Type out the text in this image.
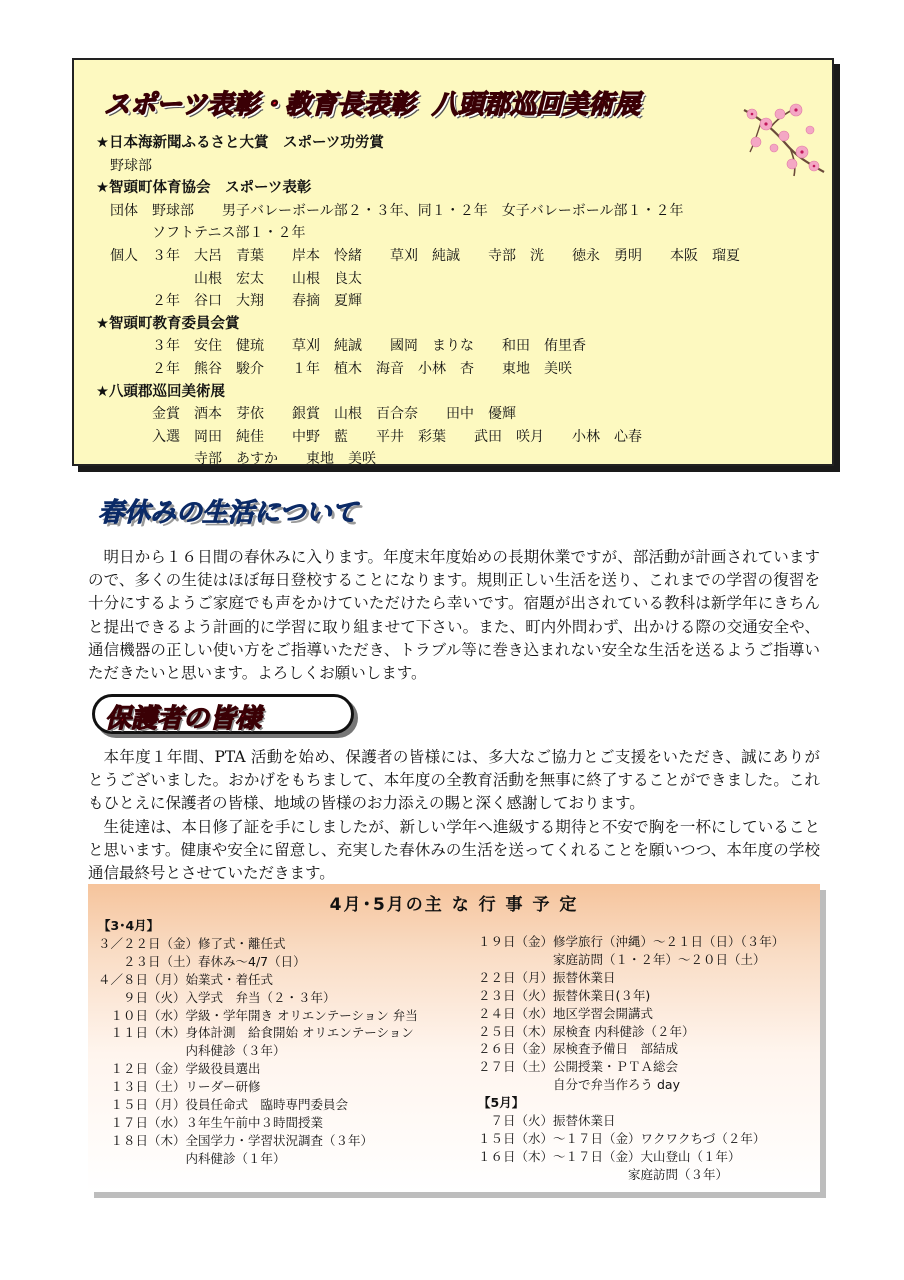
スポーツ表彰・教育長表彰 八頭郡巡回美術展
★日本海新聞ふるさと大賞　スポーツ功労賞
　野球部
★智頭町体育協会　スポーツ表彰
　団体　野球部　　男子バレーボール部２・３年、同１・２年　女子バレーボール部１・２年
　　　　ソフトテニス部１・２年
　個人　３年　大呂　青葉　　岸本　怜緒　　草刈　純誠　　寺部　洸　　徳永　勇明　　本阪　瑠夏
　　　　　　　山根　宏太　　山根　良太
　　　　２年　谷口　大翔　　春摘　夏輝
★智頭町教育委員会賞
　　　　３年　安住　健琉　　草刈　純誠　　國岡　まりな　　和田　侑里香
　　　　２年　熊谷　駿介　　１年　植木　海音　小林　杏　　東地　美咲
★八頭郡巡回美術展
　　　　金賞　酒本　芽依　　銀賞　山根　百合奈　　田中　優輝
　　　　入選　岡田　純佳　　中野　藍　　平井　彩葉　　武田　咲月　　小林　心春
　　　　　　　寺部　あすか　　東地　美咲
春休みの生活について

明日から１６日間の春休みに入ります。年度末年度始めの長期休業ですが、部活動が計画されていますので、多くの生徒はほぼ毎日登校することになります。規則正しい生活を送り、これまでの学習の復習を十分にするようご家庭でも声をかけていただけたら幸いです。宿題が出されている教科は新学年にきちんと提出できるよう計画的に学習に取り組ませて下さい。また、町内外問わず、出かける際の交通安全や、通信機器の正しい使い方をご指導いただき、トラブル等に巻き込まれない安全な生活を送るようご指導いただきたいと思います。よろしくお願いします。

保護者の皆様

本年度１年間、PTA 活動を始め、保護者の皆様には、多大なご協力とご支援をいただき、誠にありがとうございました。おかげをもちまして、本年度の全教育活動を無事に終了することができました。これもひとえに保護者の皆様、地域の皆様のお力添えの賜と深く感謝しております。

生徒達は、本日修了証を手にしましたが、新しい学年へ進級する期待と不安で胸を一杯にしていることと思います。健康や安全に留意し、充実した春休みの生活を送ってくれることを願いつつ、本年度の学校通信最終号とさせていただきます。

4月･5月の主 な 行 事 予 定
【3･4月】
３／２２日（金）修了式・離任式
　　２３日（土）春休み～4/7（日）
４／８日（月）始業式・着任式
　　９日（火）入学式　弁当（２・３年）
　１０日（水）学級・学年開き オリエンテーション 弁当
　１１日（木）身体計測　給食開始 オリエンテーション
　　　　　　　内科健診（３年）
　１２日（金）学級役員選出
　１３日（土）リーダー研修
　１５日（月）役員任命式　臨時専門委員会
　１７日（水）３年生午前中３時間授業
　１８日（木）全国学力・学習状況調査（３年）
　　　　　　　内科健診（１年）
１９日（金）修学旅行（沖縄）～２１日（日）（３年）
　　　　　　家庭訪問（１・２年）～２０日（土）
２２日（月）振替休業日
２３日（火）振替休業日(３年)
２４日（水）地区学習会開講式
２５日（木）尿検査 内科健診（２年）
２６日（金）尿検査予備日　部結成
２７日（土）公開授業・ＰＴＡ総会
　　　　　　自分で弁当作ろう day
【5月】
　７日（火）振替休業日
１５日（水）～１７日（金）ワクワクちづ（２年）
１６日（木）～１７日（金）大山登山（１年）
　　　　　　　　　　　　家庭訪問（３年）
